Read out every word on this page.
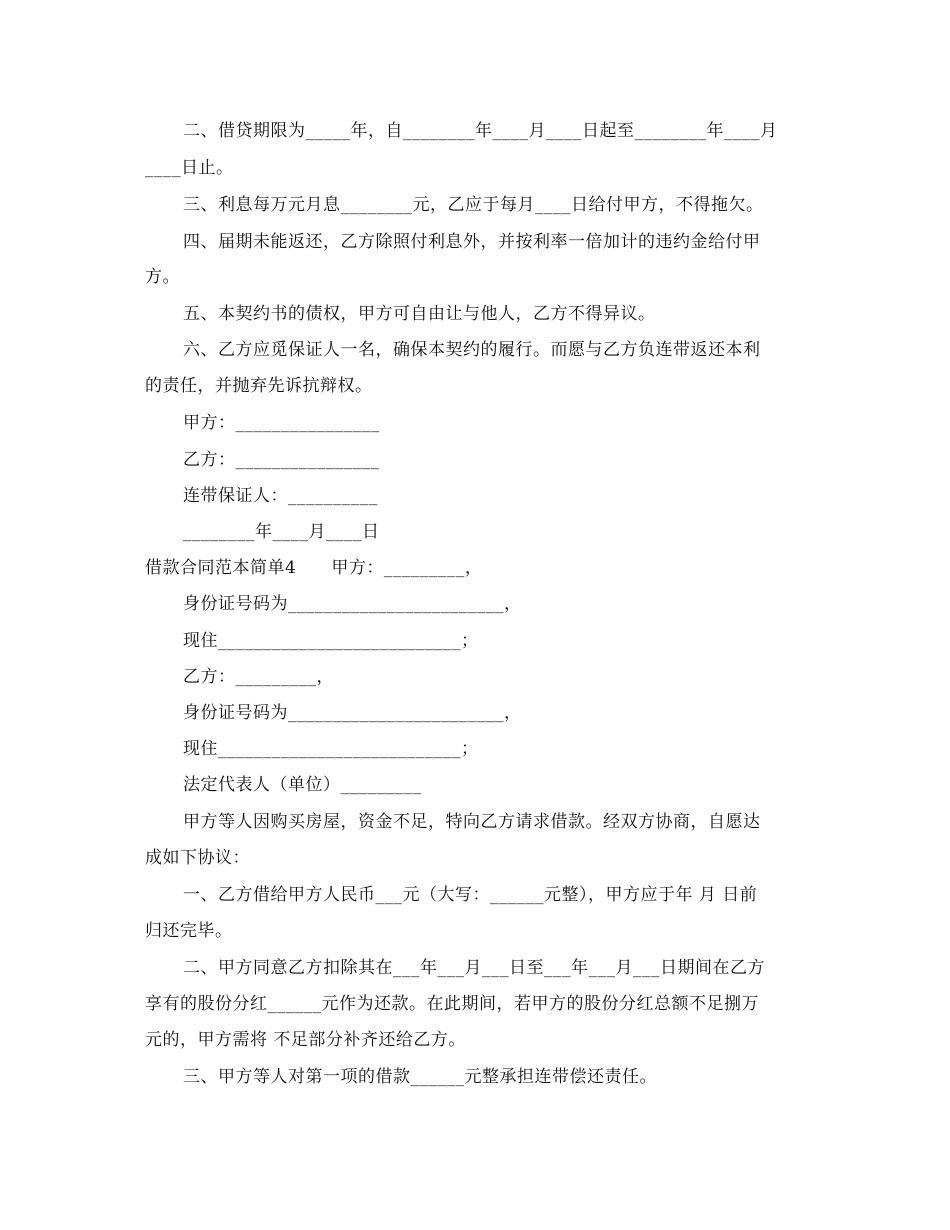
二、借贷期限为_____年，自________年____月____日起至________年____月
____日止。
三、利息每万元月息________元，乙应于每月____日给付甲方，不得拖欠。
四、届期未能返还，乙方除照付利息外，并按利率一倍加计的违约金给付甲
方。
五、本契约书的债权，甲方可自由让与他人，乙方不得异议。
六、乙方应觅保证人一名，确保本契约的履行。而愿与乙方负连带返还本利
的责任，并抛弃先诉抗辩权。
甲方：________________
乙方：________________
连带保证人：__________
________年____月____日
借款合同范本简单4　　甲方：_________，
身份证号码为________________________，
现住___________________________；
乙方：_________，
身份证号码为________________________，
现住___________________________；
法定代表人（单位）_________
甲方等人因购买房屋，资金不足，特向乙方请求借款。经双方协商，自愿达
成如下协议：
一、乙方借给甲方人民币___元（大写：______元整），甲方应于年 月 日前
归还完毕。
二、甲方同意乙方扣除其在___年___月___日至___年___月___日期间在乙方
享有的股份分红______元作为还款。在此期间，若甲方的股份分红总额不足捌万
元的，甲方需将 不足部分补齐还给乙方。
三、甲方等人对第一项的借款______元整承担连带偿还责任。
